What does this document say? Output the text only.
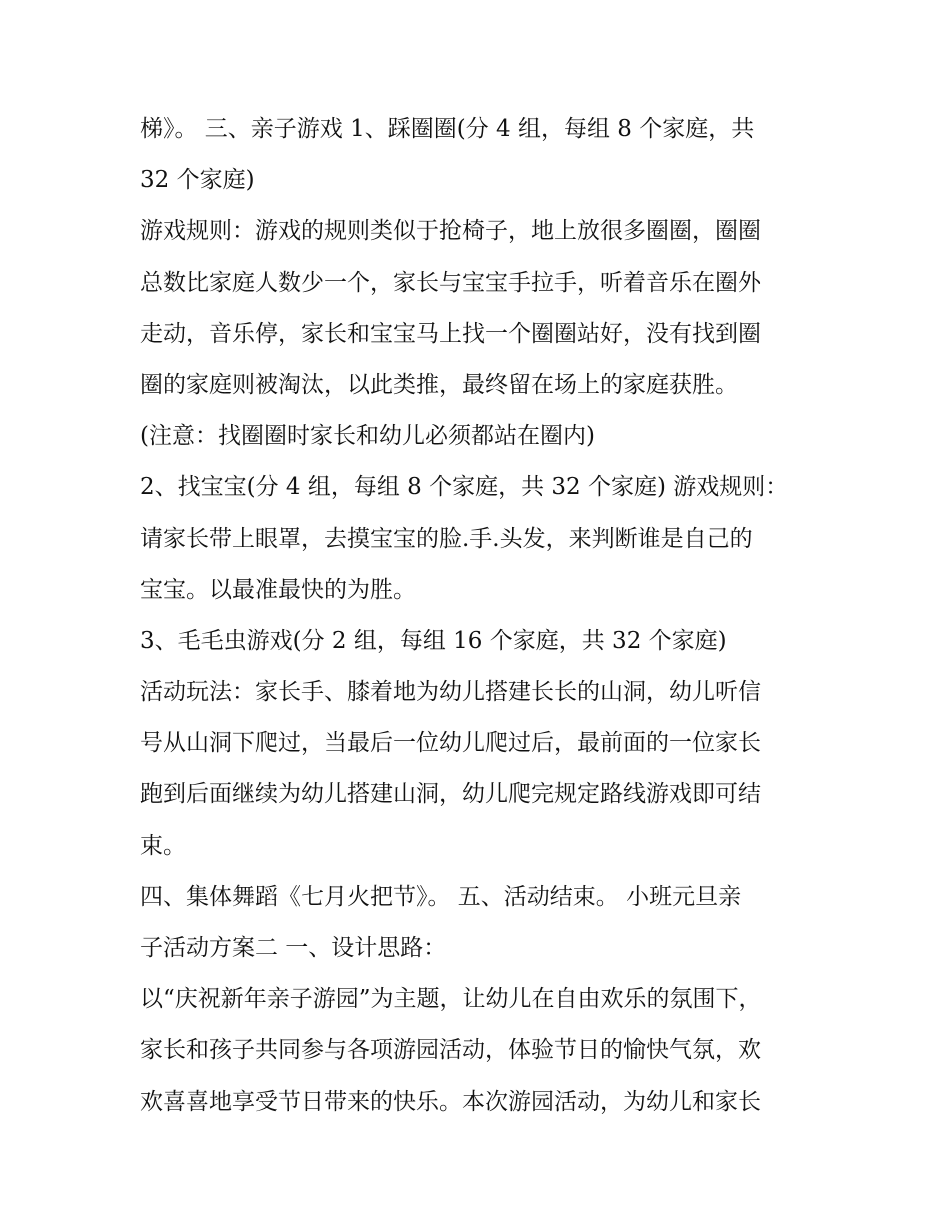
梯》。 三、亲子游戏 1、踩圈圈(分 4 组，每组 8 个家庭，共
32 个家庭)
游戏规则：游戏的规则类似于抢椅子，地上放很多圈圈，圈圈
总数比家庭人数少一个，家长与宝宝手拉手，听着音乐在圈外
走动，音乐停，家长和宝宝马上找一个圈圈站好，没有找到圈
圈的家庭则被淘汰，以此类推，最终留在场上的家庭获胜。
(注意：找圈圈时家长和幼儿必须都站在圈内)
2、找宝宝(分 4 组，每组 8 个家庭，共 32 个家庭) 游戏规则：
请家长带上眼罩，去摸宝宝的脸.手.头发，来判断谁是自己的
宝宝。以最准最快的为胜。
3、毛毛虫游戏(分 2 组，每组 16 个家庭，共 32 个家庭)
活动玩法：家长手、膝着地为幼儿搭建长长的山洞，幼儿听信
号从山洞下爬过，当最后一位幼儿爬过后，最前面的一位家长
跑到后面继续为幼儿搭建山洞，幼儿爬完规定路线游戏即可结
束。
四、集体舞蹈《七月火把节》。 五、活动结束。 小班元旦亲
子活动方案二 一、设计思路：
以“庆祝新年亲子游园”为主题，让幼儿在自由欢乐的氛围下，
家长和孩子共同参与各项游园活动，体验节日的愉快气氛，欢
欢喜喜地享受节日带来的快乐。本次游园活动，为幼儿和家长
